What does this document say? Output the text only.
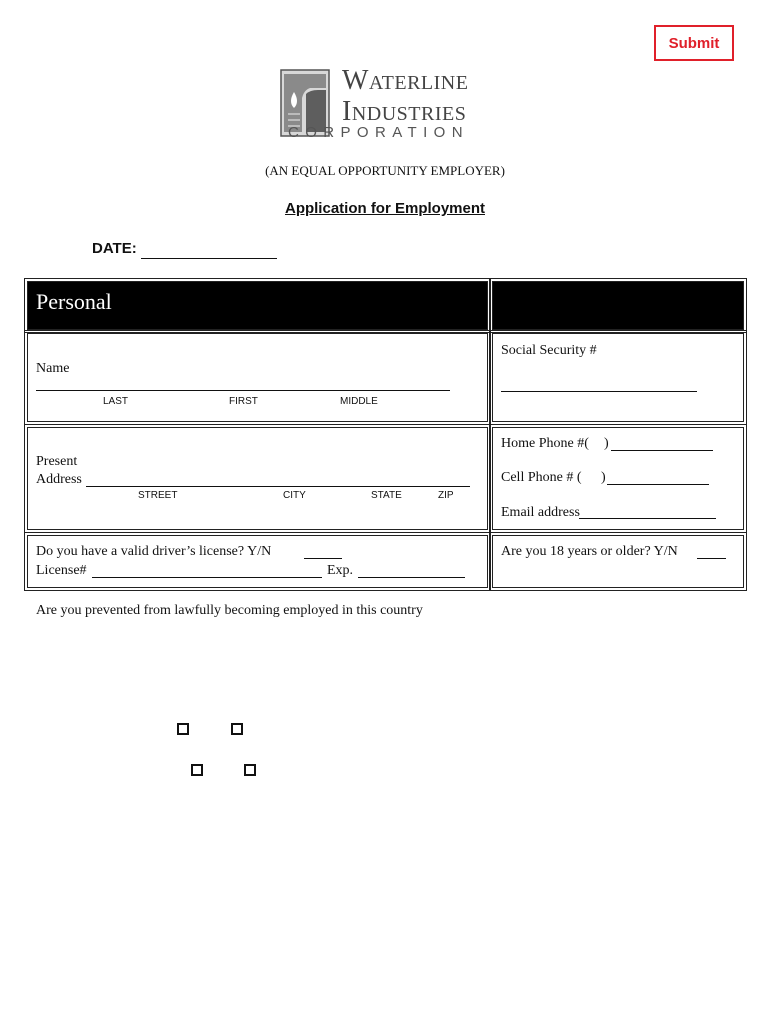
Submit
Waterline
Industries
CORPORATION
(AN EQUAL OPPORTUNITY EMPLOYER)
Application for Employment
DATE:
Personal
Name
LAST	FIRST	MIDDLE
Social Security #
Present
Address
STREET	CITY	STATE	ZIP
Home Phone #( )
Cell Phone # ( )
Email address
Do you have a valid driver’s license? Y/N
License#	Exp.
Are you 18 years or older? Y/N
Are you prevented from lawfully becoming employed in this country
